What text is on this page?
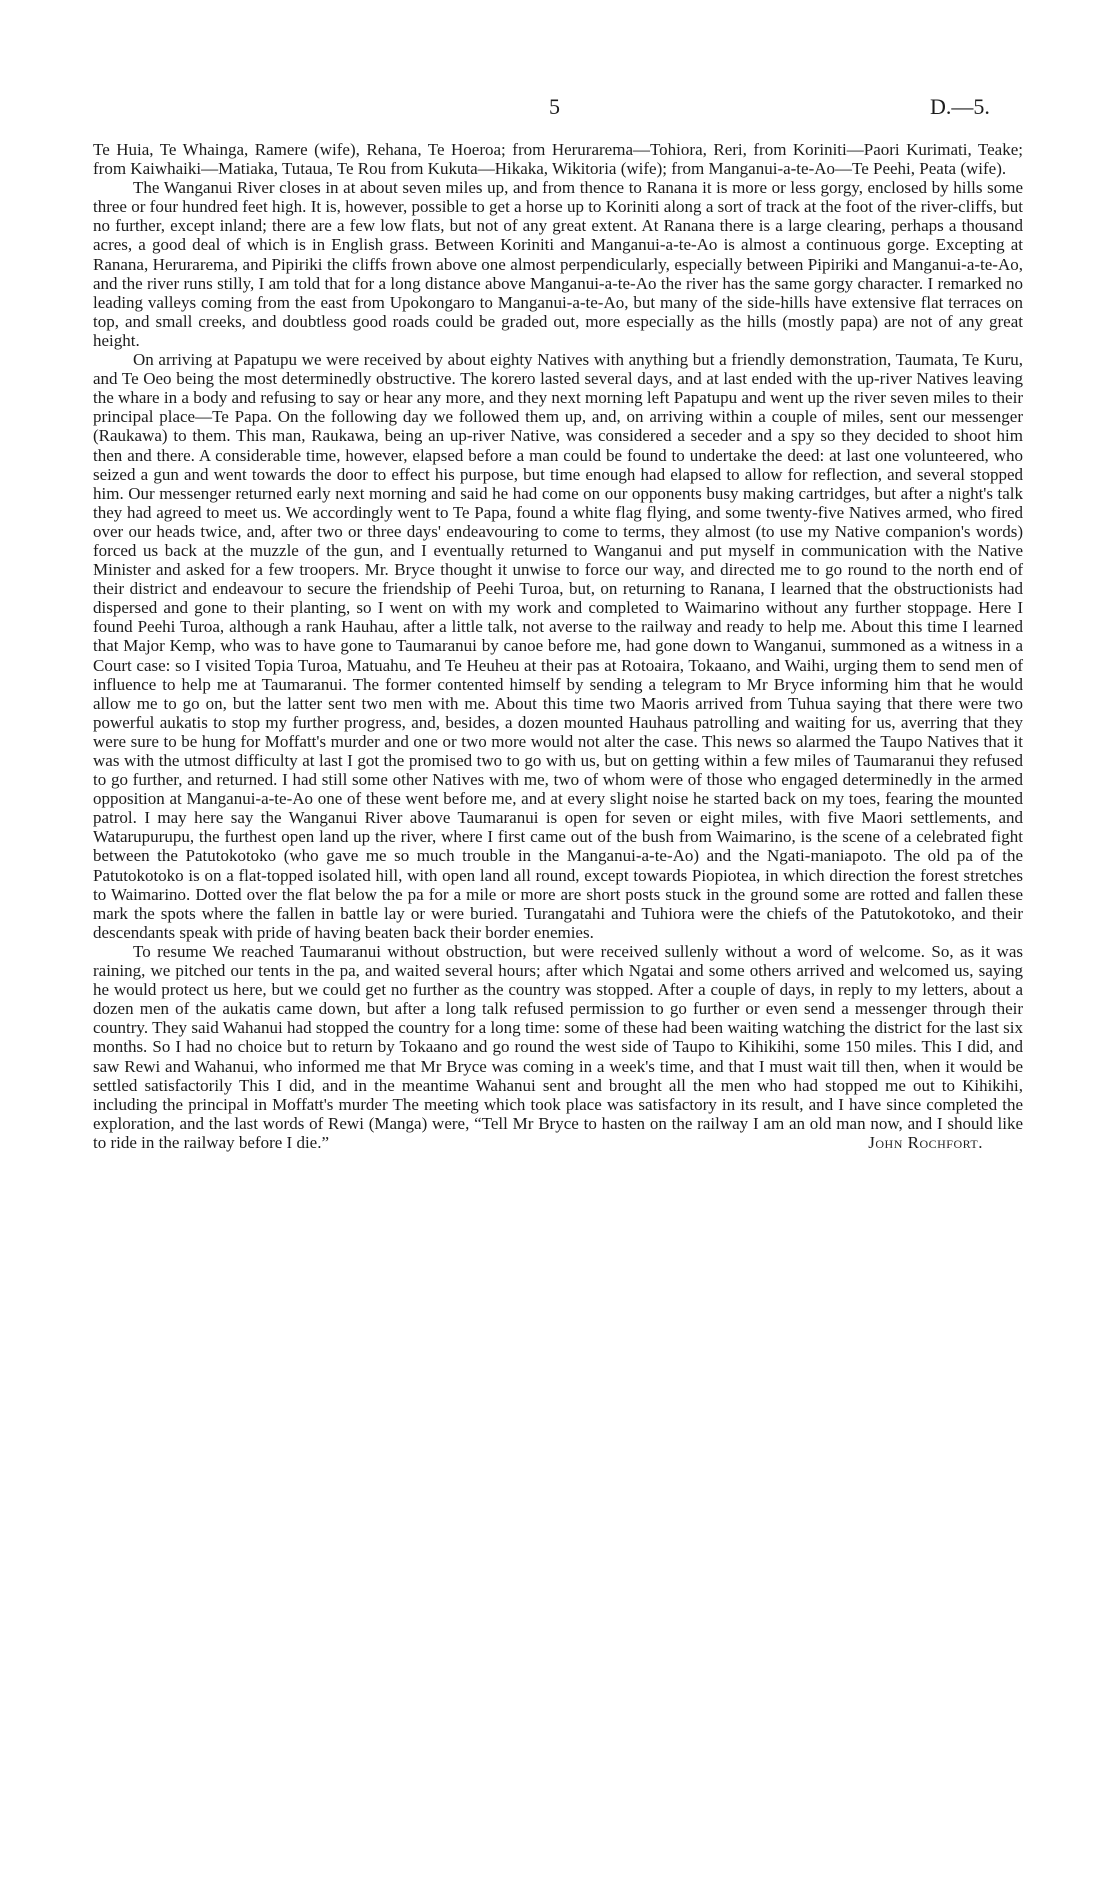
5	D.—5.

Te Huia, Te Whainga, Ramere (wife), Rehana, Te Hoeroa; from Herurarema—Tohiora, Reri, from Koriniti—Paori Kurimati, Teake; from Kaiwhaiki—Matiaka, Tutaua, Te Rou from Kukuta—Hikaka, Wikitoria (wife); from Manganui-a-te-Ao—Te Peehi, Peata (wife).

The Wanganui River closes in at about seven miles up, and from thence to Ranana it is more or less gorgy, enclosed by hills some three or four hundred feet high. It is, however, possible to get a horse up to Koriniti along a sort of track at the foot of the river-cliffs, but no further, except inland; there are a few low flats, but not of any great extent. At Ranana there is a large clearing, perhaps a thousand acres, a good deal of which is in English grass. Between Koriniti and Manganui-a-te-Ao is almost a continuous gorge. Excepting at Ranana, Herurarema, and Pipiriki the cliffs frown above one almost perpendicularly, especially between Pipiriki and Manganui-a-te-Ao, and the river runs stilly, I am told that for a long distance above Manganui-a-te-Ao the river has the same gorgy character. I remarked no leading valleys coming from the east from Upokongaro to Manganui-a-te-Ao, but many of the side-hills have extensive flat terraces on top, and small creeks, and doubtless good roads could be graded out, more especially as the hills (mostly papa) are not of any great height.

On arriving at Papatupu we were received by about eighty Natives with anything but a friendly demonstration, Taumata, Te Kuru, and Te Oeo being the most determinedly obstructive. The korero lasted several days, and at last ended with the up-river Natives leaving the whare in a body and refusing to say or hear any more, and they next morning left Papatupu and went up the river seven miles to their principal place—Te Papa. On the following day we followed them up, and, on arriving within a couple of miles, sent our messenger (Raukawa) to them. This man, Raukawa, being an up-river Native, was considered a seceder and a spy so they decided to shoot him then and there. A considerable time, however, elapsed before a man could be found to undertake the deed: at last one volunteered, who seized a gun and went towards the door to effect his purpose, but time enough had elapsed to allow for reflection, and several stopped him. Our messenger returned early next morning and said he had come on our opponents busy making cartridges, but after a night's talk they had agreed to meet us. We accordingly went to Te Papa, found a white flag flying, and some twenty-five Natives armed, who fired over our heads twice, and, after two or three days' endeavouring to come to terms, they almost (to use my Native companion's words) forced us back at the muzzle of the gun, and I eventually returned to Wanganui and put myself in communication with the Native Minister and asked for a few troopers. Mr. Bryce thought it unwise to force our way, and directed me to go round to the north end of their district and endeavour to secure the friendship of Peehi Turoa, but, on returning to Ranana, I learned that the obstructionists had dispersed and gone to their planting, so I went on with my work and completed to Waimarino without any further stoppage. Here I found Peehi Turoa, although a rank Hauhau, after a little talk, not averse to the railway and ready to help me. About this time I learned that Major Kemp, who was to have gone to Taumaranui by canoe before me, had gone down to Wanganui, summoned as a witness in a Court case: so I visited Topia Turoa, Matuahu, and Te Heuheu at their pas at Rotoaira, Tokaano, and Waihi, urging them to send men of influence to help me at Taumaranui. The former contented himself by sending a telegram to Mr Bryce informing him that he would allow me to go on, but the latter sent two men with me. About this time two Maoris arrived from Tuhua saying that there were two powerful aukatis to stop my further progress, and, besides, a dozen mounted Hauhaus patrolling and waiting for us, averring that they were sure to be hung for Moffatt's murder and one or two more would not alter the case. This news so alarmed the Taupo Natives that it was with the utmost difficulty at last I got the promised two to go with us, but on getting within a few miles of Taumaranui they refused to go further, and returned. I had still some other Natives with me, two of whom were of those who engaged determinedly in the armed opposition at Manganui-a-te-Ao one of these went before me, and at every slight noise he started back on my toes, fearing the mounted patrol. I may here say the Wanganui River above Taumaranui is open for seven or eight miles, with five Maori settlements, and Watarupurupu, the furthest open land up the river, where I first came out of the bush from Waimarino, is the scene of a celebrated fight between the Patutokotoko (who gave me so much trouble in the Manganui-a-te-Ao) and the Ngati-maniapoto. The old pa of the Patutokotoko is on a flat-topped isolated hill, with open land all round, except towards Piopiotea, in which direction the forest stretches to Waimarino. Dotted over the flat below the pa for a mile or more are short posts stuck in the ground some are rotted and fallen these mark the spots where the fallen in battle lay or were buried. Turangatahi and Tuhiora were the chiefs of the Patutokotoko, and their descendants speak with pride of having beaten back their border enemies.

To resume We reached Taumaranui without obstruction, but were received sullenly without a word of welcome. So, as it was raining, we pitched our tents in the pa, and waited several hours; after which Ngatai and some others arrived and welcomed us, saying he would protect us here, but we could get no further as the country was stopped. After a couple of days, in reply to my letters, about a dozen men of the aukatis came down, but after a long talk refused permission to go further or even send a messenger through their country. They said Wahanui had stopped the country for a long time: some of these had been waiting watching the district for the last six months. So I had no choice but to return by Tokaano and go round the west side of Taupo to Kihikihi, some 150 miles. This I did, and saw Rewi and Wahanui, who informed me that Mr Bryce was coming in a week's time, and that I must wait till then, when it would be settled satisfactorily This I did, and in the meantime Wahanui sent and brought all the men who had stopped me out to Kihikihi, including the principal in Moffatt's murder The meeting which took place was satisfactory in its result, and I have since completed the exploration, and the last words of Rewi (Manga) were, “Tell Mr Bryce to hasten on the railway I am an old man now, and I should like to ride in the railway before I die.”	John Rochfort.
